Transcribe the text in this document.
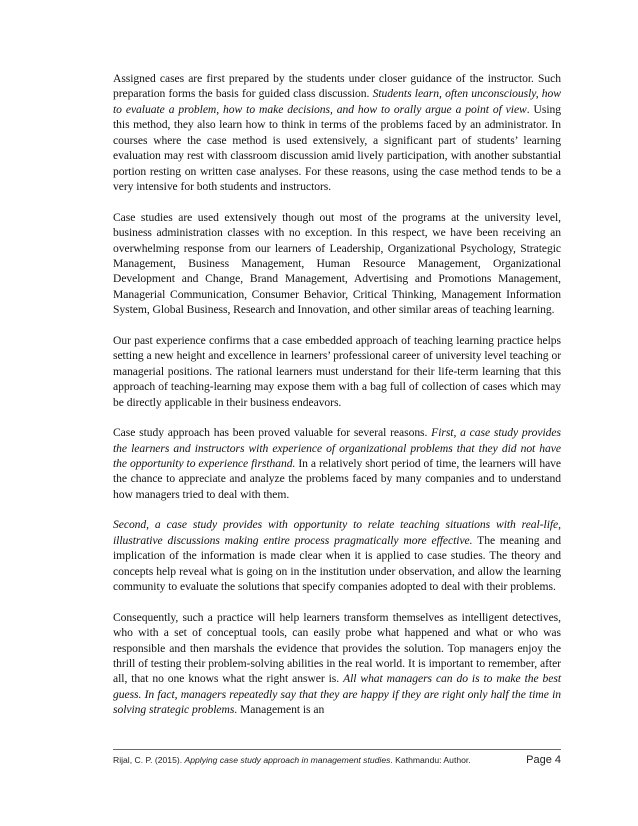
Assigned cases are first prepared by the students under closer guidance of the instructor. Such preparation forms the basis for guided class discussion. Students learn, often unconsciously, how to evaluate a problem, how to make decisions, and how to orally argue a point of view. Using this method, they also learn how to think in terms of the problems faced by an administrator. In courses where the case method is used extensively, a significant part of students’ learning evaluation may rest with classroom discussion amid lively participation, with another substantial portion resting on written case analyses. For these reasons, using the case method tends to be a very intensive for both students and instructors.

Case studies are used extensively though out most of the programs at the university level, business administration classes with no exception. In this respect, we have been receiving an overwhelming response from our learners of Leadership, Organizational Psychology, Strategic Management, Business Management, Human Resource Management, Organizational Development and Change, Brand Management, Advertising and Promotions Management, Managerial Communication, Consumer Behavior, Critical Thinking, Management Information System, Global Business, Research and Innovation, and other similar areas of teaching learning.

Our past experience confirms that a case embedded approach of teaching learning practice helps setting a new height and excellence in learners’ professional career of university level teaching or managerial positions. The rational learners must understand for their life-term learning that this approach of teaching-learning may expose them with a bag full of collection of cases which may be directly applicable in their business endeavors.

Case study approach has been proved valuable for several reasons. First, a case study provides the learners and instructors with experience of organizational problems that they did not have the opportunity to experience firsthand. In a relatively short period of time, the learners will have the chance to appreciate and analyze the problems faced by many companies and to understand how managers tried to deal with them.

Second, a case study provides with opportunity to relate teaching situations with real-life, illustrative discussions making entire process pragmatically more effective. The meaning and implication of the information is made clear when it is applied to case studies. The theory and concepts help reveal what is going on in the institution under observation, and allow the learning community to evaluate the solutions that specify companies adopted to deal with their problems.

Consequently, such a practice will help learners transform themselves as intelligent detectives, who with a set of conceptual tools, can easily probe what happened and what or who was responsible and then marshals the evidence that provides the solution. Top managers enjoy the thrill of testing their problem-solving abilities in the real world. It is important to remember, after all, that no one knows what the right answer is. All what managers can do is to make the best guess. In fact, managers repeatedly say that they are happy if they are right only half the time in solving strategic problems. Management is an

Rijal, C. P. (2015). Applying case study approach in management studies. Kathmandu: Author.	Page 4
